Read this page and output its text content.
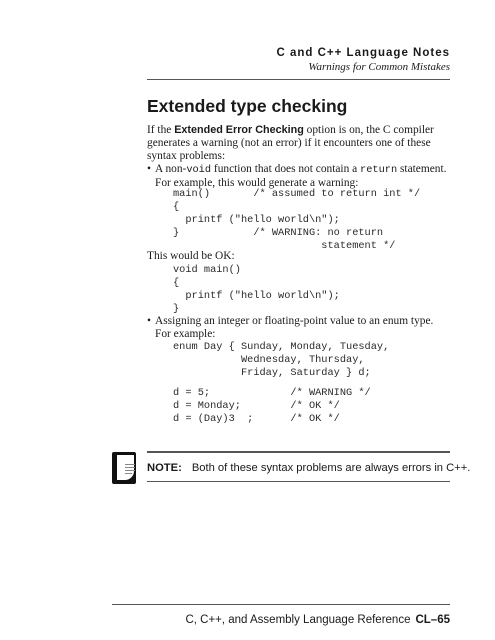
C and C++ Language Notes
Warnings for Common Mistakes
Extended type checking
If the Extended Error Checking option is on, the C compiler generates a warning (not an error) if it encounters one of these syntax problems:
• A non-void function that does not contain a return statement. For example, this would generate a warning:
main()       /* assumed to return int */
{
printf ("hello world\n");
}            /* WARNING: no return
statement */
This would be OK:
void main()
{
printf ("hello world\n");
}
• Assigning an integer or floating-point value to an enum type. For example:
enum Day { Sunday, Monday, Tuesday,
Wednesday, Thursday,
Friday, Saturday } d;
d = 5;             /* WARNING */
d = Monday;        /* OK */
d = (Day)3  ;      /* OK */
NOTE: Both of these syntax problems are always errors in C++.
C, C++, and Assembly Language Reference CL–65
